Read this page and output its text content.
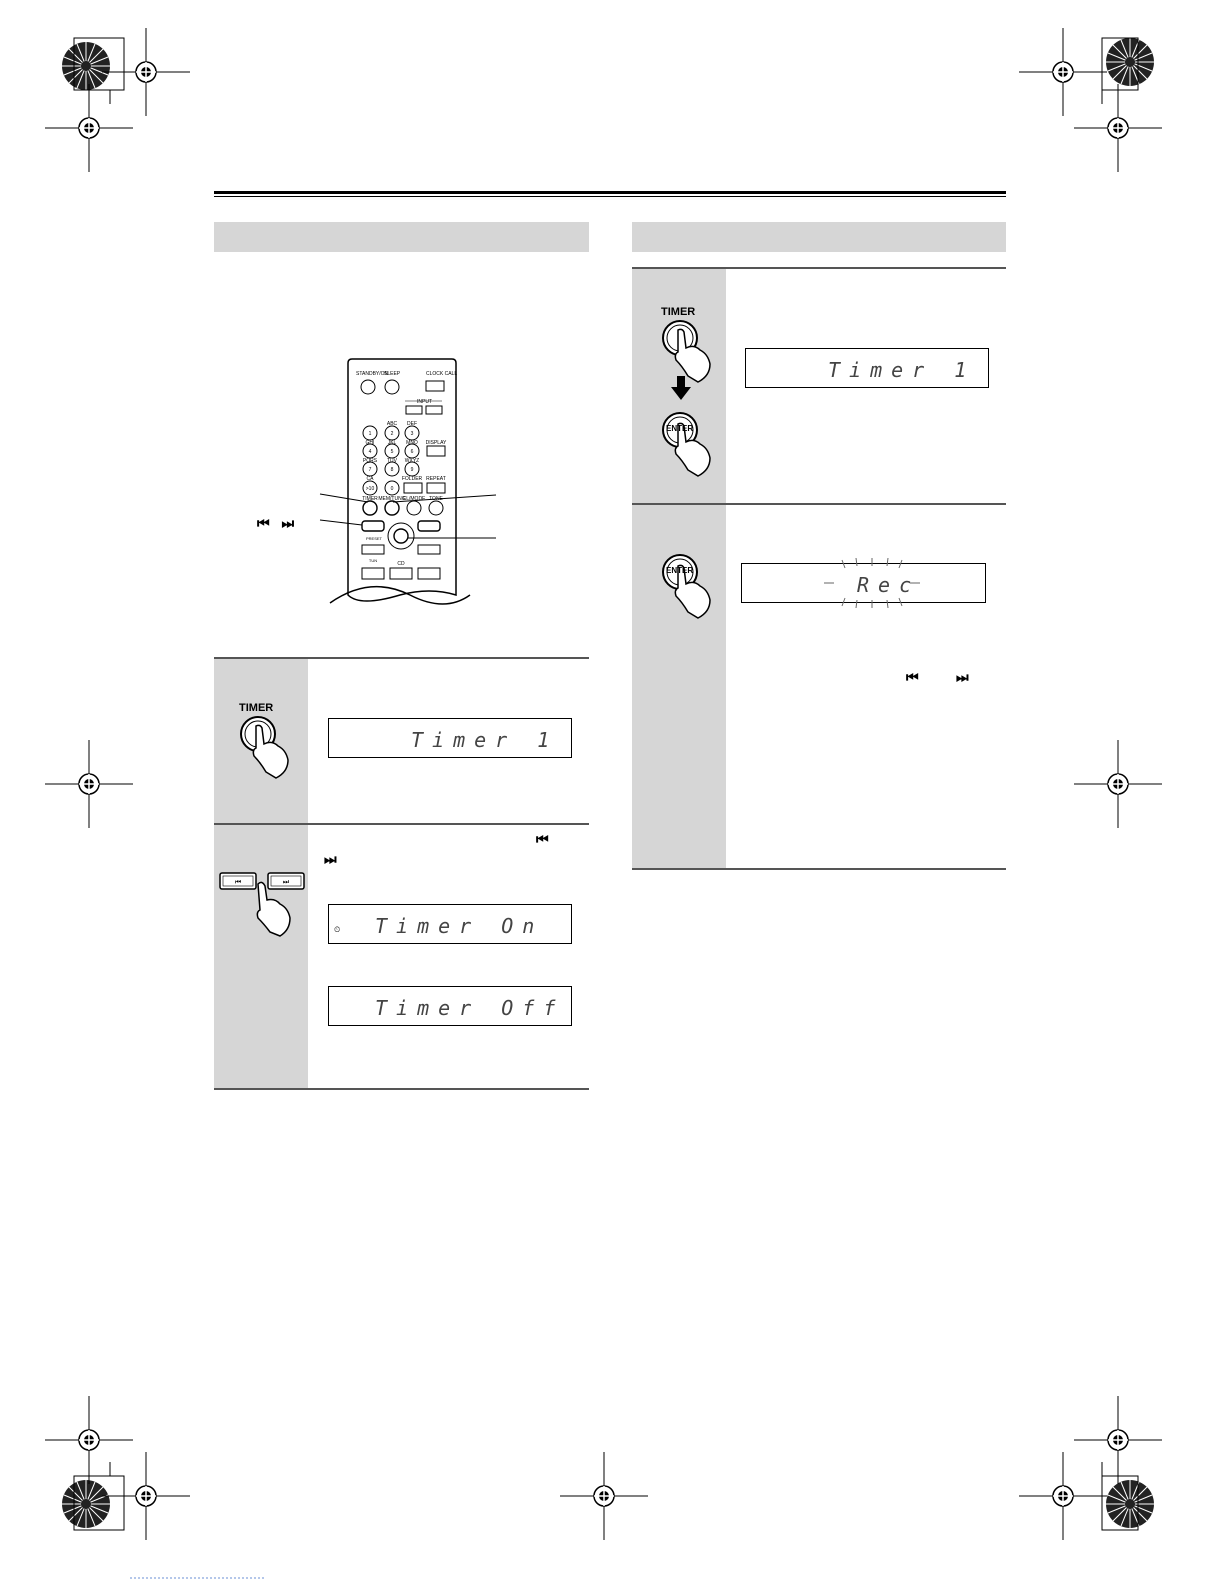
STANDBY/ON
SLEEP	CLOCK CALL
INPUT
ABC DEF
1	2	3
GHI	JKL MNO DISPLAY
4	5	6
PQRS TUV WXYZ
7	8	9
CA	FOLDER REPEAT
>10	0
TIMER MEM/TUNG
CL/MODE
PRESET
TUN
CD
⏮ ⏭
TIMER
Timer 1
⏮
⏭
⏮	⏭
⏲ Timer On
Timer Off
TIMER
ENTER
Timer 1
ENTER
Rec
⏮	⏭
